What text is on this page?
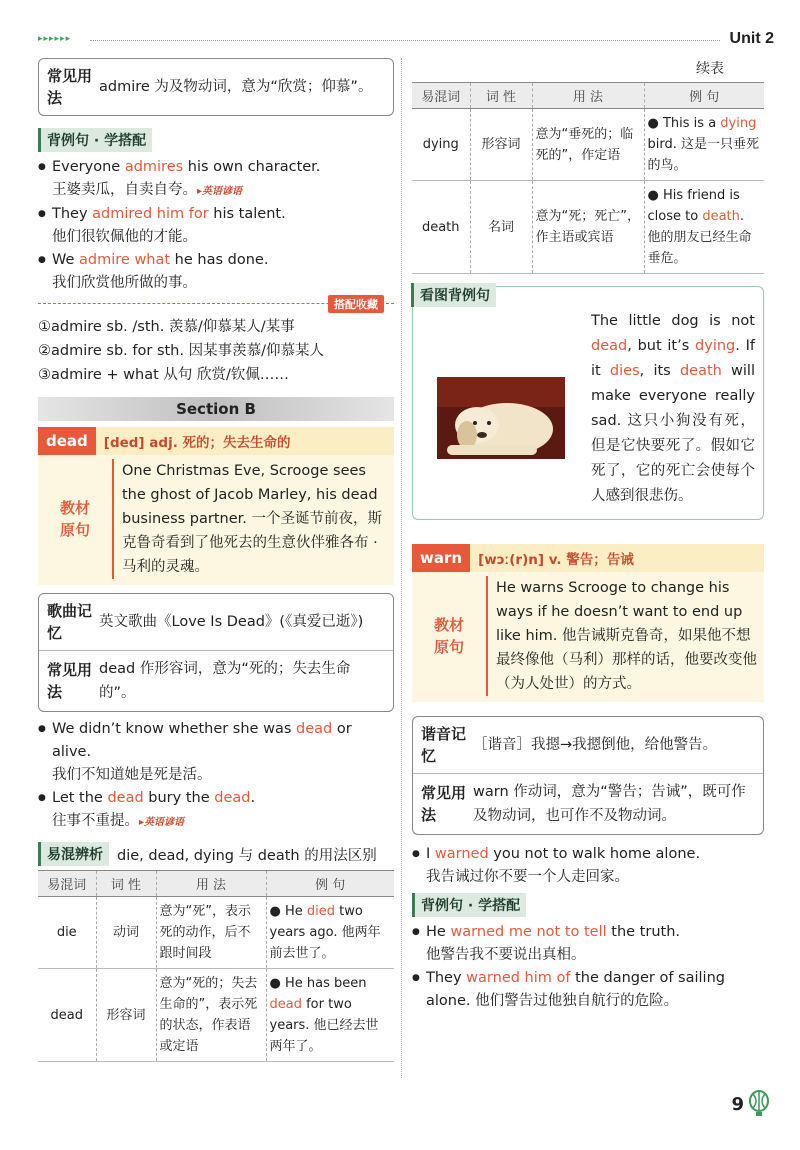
▸▸▸▸▸▸	Unit 2
常见用法
admire 为及物动词，意为“欣赏；仰慕”。
背例句 · 学搭配
● Everyone admires his own character.
王婆卖瓜，自卖自夸。▸英语谚语
● They admired him for his talent.
他们很钦佩他的才能。
● We admire what he has done.
我们欣赏他所做的事。
搭配收藏
①admire sb. /sth. 羡慕/仰慕某人/某事
②admire sb. for sth. 因某事羡慕/仰慕某人
③admire + what 从句 欣赏/钦佩……
Section B
dead	[ded] adj. 死的；失去生命的
教材
原句
One Christmas Eve, Scrooge sees the ghost of Jacob Marley, his dead business partner. 一个圣诞节前夜，斯克鲁奇看到了他死去的生意伙伴雅各布 · 马利的灵魂。
歌曲记忆
英文歌曲《Love Is Dead》(《真爱已逝》)
常见用法
dead 作形容词，意为“死的；失去生命的”。
● We didn’t know whether she was dead or alive.
我们不知道她是死是活。
● Let the dead bury the dead.
往事不重提。▸英语谚语
易混辨析 die, dead, dying 与 death 的用法区别
易混词	词 性	用 法	例 句
die	动词	意为“死”，表示死的动作，后不跟时间段	● He died two years ago. 他两年前去世了。
dead	形容词	意为“死的；失去生命的”，表示死的状态，作表语或定语	● He has been dead for two years. 他已经去世两年了。
续表
易混词	词 性	用 法	例 句
dying	形容词	意为“垂死的；临死的”，作定语	● This is a dying bird. 这是一只垂死的鸟。
death	名词	意为“死；死亡”，作主语或宾语	● His friend is close to death. 他的朋友已经生命垂危。
看图背例句
The little dog is not dead, but it’s dying. If it dies, its death will make everyone really sad. 这只小狗没有死，但是它快要死了。假如它死了，它的死亡会使每个人感到很悲伤。
warn	[wɔː(r)n] v. 警告；告诫
教材
原句
He warns Scrooge to change his ways if he doesn’t want to end up like him. 他告诫斯克鲁奇，如果他不想最终像他（马利）那样的话，他要改变他（为人处世）的方式。
谐音记忆
［谐音］我摁→我摁倒他，给他警告。
常见用法
warn 作动词，意为“警告；告诫”，既可作及物动词，也可作不及物动词。
● I warned you not to walk home alone.
我告诫过你不要一个人走回家。
背例句 · 学搭配
● He warned me not to tell the truth.
他警告我不要说出真相。
● They warned him of the danger of sailing alone. 他们警告过他独自航行的危险。
9
